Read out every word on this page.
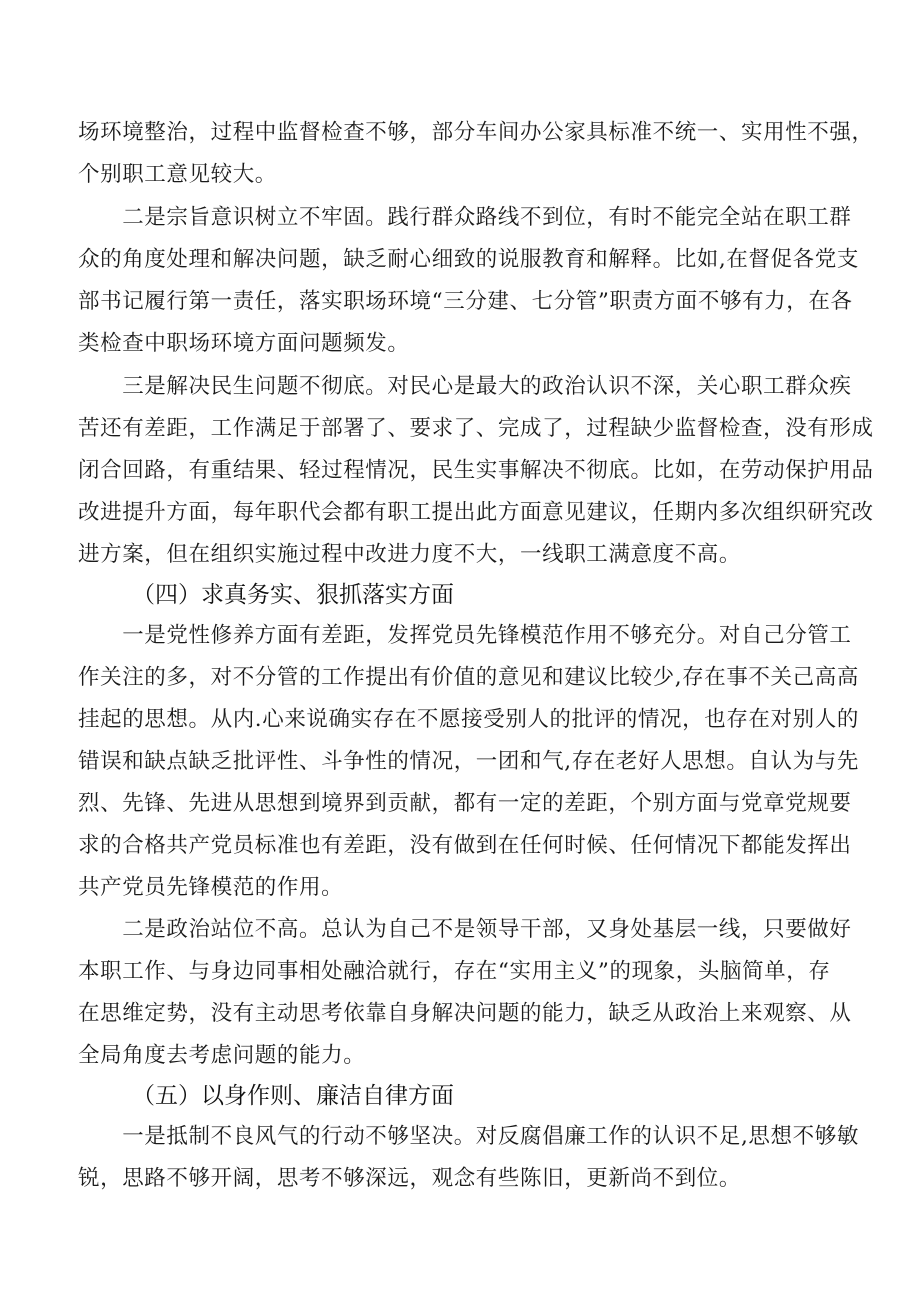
场环境整治，过程中监督检查不够，部分车间办公家具标准不统一、实用性不强，
个别职工意见较大。
　　二是宗旨意识树立不牢固。践行群众路线不到位，有时不能完全站在职工群
众的角度处理和解决问题，缺乏耐心细致的说服教育和解释。比如,在督促各党支
部书记履行第一责任，落实职场环境“三分建、七分管”职责方面不够有力，在各
类检查中职场环境方面问题频发。
　　三是解决民生问题不彻底。对民心是最大的政治认识不深，关心职工群众疾
苦还有差距，工作满足于部署了、要求了、完成了，过程缺少监督检查，没有形成
闭合回路，有重结果、轻过程情况，民生实事解决不彻底。比如，在劳动保护用品
改进提升方面，每年职代会都有职工提出此方面意见建议，任期内多次组织研究改
进方案，但在组织实施过程中改进力度不大，一线职工满意度不高。
（四）求真务实、狠抓落实方面
　　一是党性修养方面有差距，发挥党员先锋模范作用不够充分。对自己分管工
作关注的多，对不分管的工作提出有价值的意见和建议比较少,存在事不关己高高
挂起的思想。从内.心来说确实存在不愿接受别人的批评的情况，也存在对别人的
错误和缺点缺乏批评性、斗争性的情况，一团和气,存在老好人思想。自认为与先
烈、先锋、先进从思想到境界到贡献，都有一定的差距，个别方面与党章党规要
求的合格共产党员标准也有差距，没有做到在任何时候、任何情况下都能发挥出
共产党员先锋模范的作用。
　　二是政治站位不高。总认为自己不是领导干部，又身处基层一线，只要做好
本职工作、与身边同事相处融洽就行，存在“实用主义”的现象，头脑简单，存
在思维定势，没有主动思考依靠自身解决问题的能力，缺乏从政治上来观察、从
全局角度去考虑问题的能力。
（五）以身作则、廉洁自律方面
　　一是抵制不良风气的行动不够坚决。对反腐倡廉工作的认识不足,思想不够敏
锐，思路不够开阔，思考不够深远，观念有些陈旧，更新尚不到位。
